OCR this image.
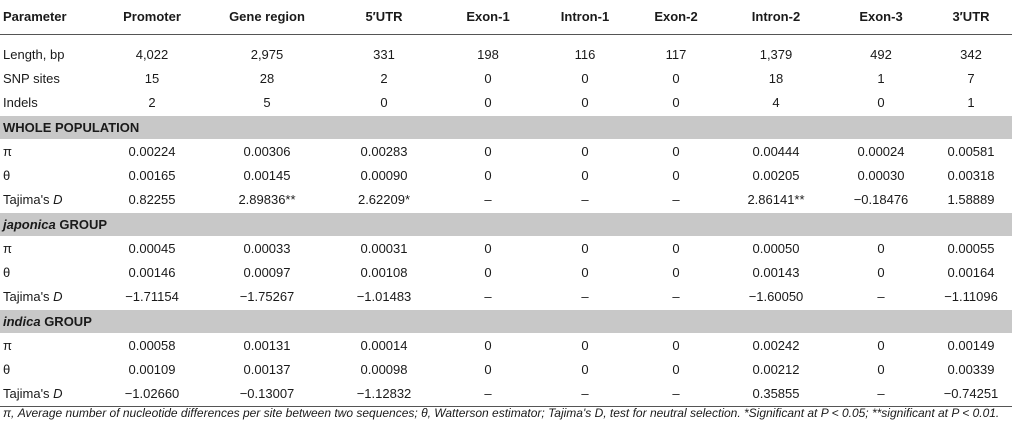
Parameter	Promoter	Gene region	5′UTR	Exon-1	Intron-1	Exon-2	Intron-2	Exon-3	3′UTR

Length, bp	4,022	2,975	331	198	116	117	1,379	492	342
SNP sites	15	28	2	0	0	0	18	1	7
Indels	2	5	0	0	0	0	4	0	1
WHOLE POPULATION									
π	0.00224	0.00306	0.00283	0	0	0	0.00444	0.00024	0.00581
θ	0.00165	0.00145	0.00090	0	0	0	0.00205	0.00030	0.00318
Tajima's D	0.82255	2.89836**	2.62209*	–	–	–	2.86141**	−0.18476	1.58889
japonica GROUP									
π	0.00045	0.00033	0.00031	0	0	0	0.00050	0	0.00055
θ	0.00146	0.00097	0.00108	0	0	0	0.00143	0	0.00164
Tajima's D	−1.71154	−1.75267	−1.01483	–	–	–	−1.60050	–	−1.11096
indica GROUP									
π	0.00058	0.00131	0.00014	0	0	0	0.00242	0	0.00149
θ	0.00109	0.00137	0.00098	0	0	0	0.00212	0	0.00339
Tajima's D	−1.02660	−0.13007	−1.12832	–	–	–	0.35855	–	−0.74251
π, Average number of nucleotide differences per site between two sequences; θ, Watterson estimator; Tajima's D, test for neutral selection. *Significant at P < 0.05; **significant at P < 0.01.
